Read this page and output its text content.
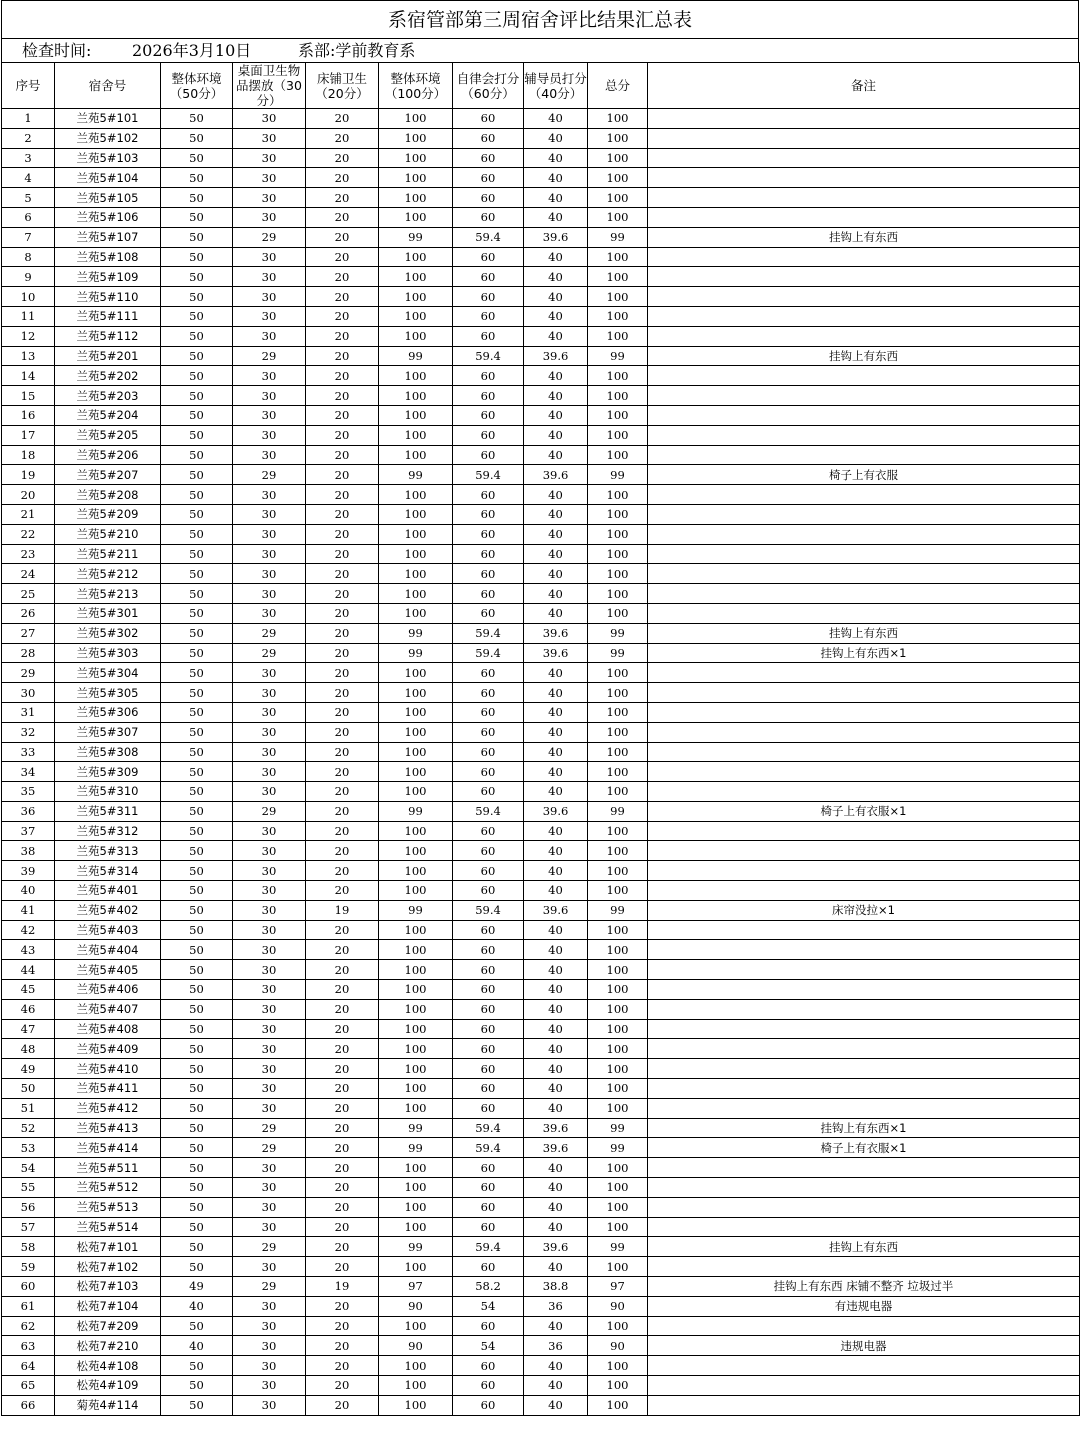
系宿管部第三周宿舍评比结果汇总表
检查时间:	2026年3月10日	系部:学前教育系
序号	宿舍号	整体环境（50分）	桌面卫生物品摆放（30分）	床铺卫生（20分）	整体环境（100分）	自律会打分（60分）	辅导员打分（40分）	总分	备注
1	兰苑5#101	50	30	20	100	60	40	100	
2	兰苑5#102	50	30	20	100	60	40	100	
3	兰苑5#103	50	30	20	100	60	40	100	
4	兰苑5#104	50	30	20	100	60	40	100	
5	兰苑5#105	50	30	20	100	60	40	100	
6	兰苑5#106	50	30	20	100	60	40	100	
7	兰苑5#107	50	29	20	99	59.4	39.6	99	挂钩上有东西
8	兰苑5#108	50	30	20	100	60	40	100	
9	兰苑5#109	50	30	20	100	60	40	100	
10	兰苑5#110	50	30	20	100	60	40	100	
11	兰苑5#111	50	30	20	100	60	40	100	
12	兰苑5#112	50	30	20	100	60	40	100	
13	兰苑5#201	50	29	20	99	59.4	39.6	99	挂钩上有东西
14	兰苑5#202	50	30	20	100	60	40	100	
15	兰苑5#203	50	30	20	100	60	40	100	
16	兰苑5#204	50	30	20	100	60	40	100	
17	兰苑5#205	50	30	20	100	60	40	100	
18	兰苑5#206	50	30	20	100	60	40	100	
19	兰苑5#207	50	29	20	99	59.4	39.6	99	椅子上有衣服
20	兰苑5#208	50	30	20	100	60	40	100	
21	兰苑5#209	50	30	20	100	60	40	100	
22	兰苑5#210	50	30	20	100	60	40	100	
23	兰苑5#211	50	30	20	100	60	40	100	
24	兰苑5#212	50	30	20	100	60	40	100	
25	兰苑5#213	50	30	20	100	60	40	100	
26	兰苑5#301	50	30	20	100	60	40	100	
27	兰苑5#302	50	29	20	99	59.4	39.6	99	挂钩上有东西
28	兰苑5#303	50	29	20	99	59.4	39.6	99	挂钩上有东西×1
29	兰苑5#304	50	30	20	100	60	40	100	
30	兰苑5#305	50	30	20	100	60	40	100	
31	兰苑5#306	50	30	20	100	60	40	100	
32	兰苑5#307	50	30	20	100	60	40	100	
33	兰苑5#308	50	30	20	100	60	40	100	
34	兰苑5#309	50	30	20	100	60	40	100	
35	兰苑5#310	50	30	20	100	60	40	100	
36	兰苑5#311	50	29	20	99	59.4	39.6	99	椅子上有衣服×1
37	兰苑5#312	50	30	20	100	60	40	100	
38	兰苑5#313	50	30	20	100	60	40	100	
39	兰苑5#314	50	30	20	100	60	40	100	
40	兰苑5#401	50	30	20	100	60	40	100	
41	兰苑5#402	50	30	19	99	59.4	39.6	99	床帘没拉×1
42	兰苑5#403	50	30	20	100	60	40	100	
43	兰苑5#404	50	30	20	100	60	40	100	
44	兰苑5#405	50	30	20	100	60	40	100	
45	兰苑5#406	50	30	20	100	60	40	100	
46	兰苑5#407	50	30	20	100	60	40	100	
47	兰苑5#408	50	30	20	100	60	40	100	
48	兰苑5#409	50	30	20	100	60	40	100	
49	兰苑5#410	50	30	20	100	60	40	100	
50	兰苑5#411	50	30	20	100	60	40	100	
51	兰苑5#412	50	30	20	100	60	40	100	
52	兰苑5#413	50	29	20	99	59.4	39.6	99	挂钩上有东西×1
53	兰苑5#414	50	29	20	99	59.4	39.6	99	椅子上有衣服×1
54	兰苑5#511	50	30	20	100	60	40	100	
55	兰苑5#512	50	30	20	100	60	40	100	
56	兰苑5#513	50	30	20	100	60	40	100	
57	兰苑5#514	50	30	20	100	60	40	100	
58	松苑7#101	50	29	20	99	59.4	39.6	99	挂钩上有东西
59	松苑7#102	50	30	20	100	60	40	100	
60	松苑7#103	49	29	19	97	58.2	38.8	97	挂钩上有东西 床铺不整齐 垃圾过半
61	松苑7#104	40	30	20	90	54	36	90	有违规电器
62	松苑7#209	50	30	20	100	60	40	100	
63	松苑7#210	40	30	20	90	54	36	90	违规电器
64	松苑4#108	50	30	20	100	60	40	100	
65	松苑4#109	50	30	20	100	60	40	100	
66	菊苑4#114	50	30	20	100	60	40	100	
